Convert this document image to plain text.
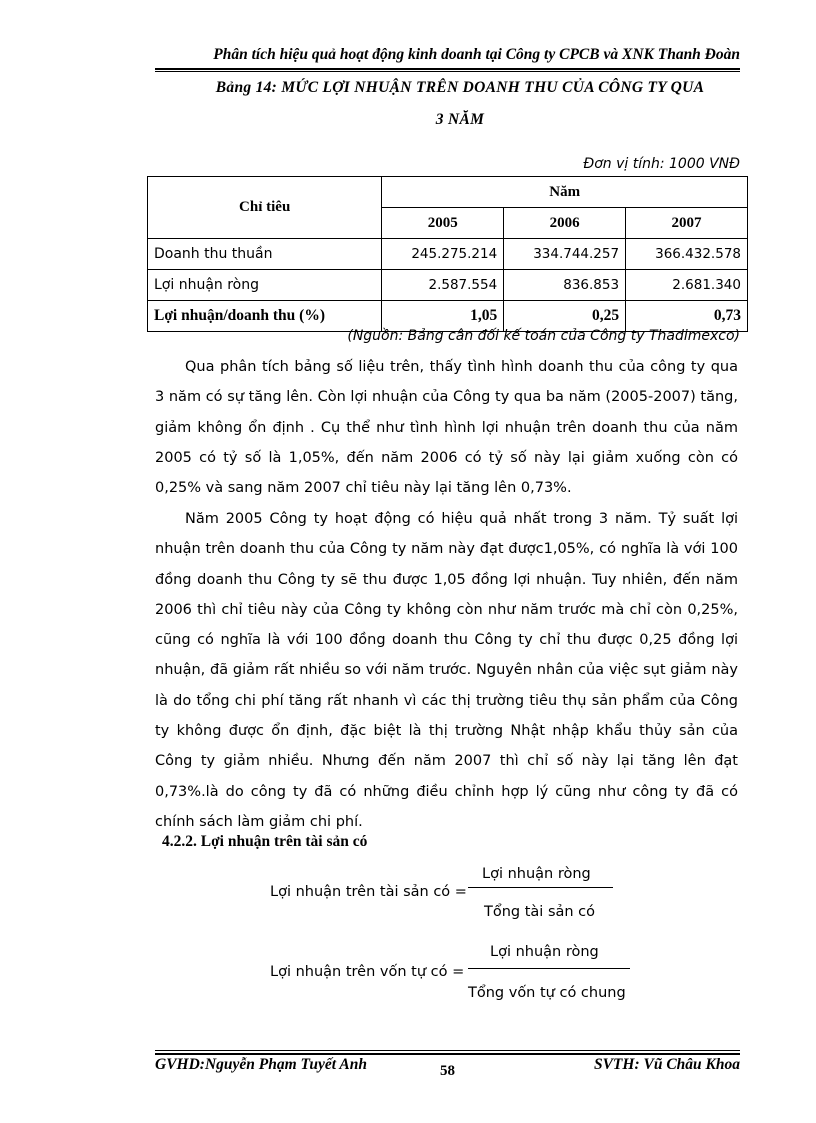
Phân tích hiệu quả hoạt động kinh doanh tại Công ty CPCB và XNK Thanh Đoàn
Bảng 14: MỨC LỢI NHUẬN TRÊN DOANH THU CỦA CÔNG TY QUA
3 NĂM
Đơn vị tính: 1000 VNĐ
Chỉ tiêu	Năm		
	2005	2006	2007
Doanh thu thuần	245.275.214	334.744.257	366.432.578
Lợi nhuận ròng	2.587.554	836.853	2.681.340
Lợi nhuận/doanh thu (%)	1,05	0,25	0,73
(Nguồn: Bảng cân đối kế toán của Công ty Thadimexco)

Qua phân tích bảng số liệu trên, thấy tình hình doanh thu của công ty qua 3 năm có sự tăng lên. Còn lợi nhuận của Công ty qua ba năm (2005-2007) tăng, giảm không ổn định . Cụ thể như tình hình lợi nhuận trên doanh thu của năm 2005 có tỷ số là 1,05%, đến năm 2006 có tỷ số này lại giảm xuống còn có 0,25% và sang năm 2007 chỉ tiêu này lại tăng lên 0,73%.

Năm 2005 Công ty hoạt động có hiệu quả nhất trong 3 năm. Tỷ suất lợi nhuận trên doanh thu của Công ty năm này đạt được1,05%, có nghĩa là với 100 đồng doanh thu Công ty sẽ thu được 1,05 đồng lợi nhuận. Tuy nhiên, đến năm 2006 thì chỉ tiêu này của Công ty không còn như năm trước mà chỉ còn 0,25%, cũng có nghĩa là với 100 đồng doanh thu Công ty chỉ thu được 0,25 đồng lợi nhuận, đã giảm rất nhiều so với năm trước. Nguyên nhân của việc sụt giảm này là do tổng chi phí tăng rất nhanh vì các thị trường tiêu thụ sản phẩm của Công ty không được ổn định, đặc biệt là thị trường Nhật nhập khẩu thủy sản của Công ty giảm nhiều. Nhưng đến năm 2007 thì chỉ số này lại tăng lên đạt 0,73%.là do công ty đã có những điều chỉnh hợp lý cũng như công ty đã có chính sách làm giảm chi phí.

4.2.2. Lợi nhuận trên tài sản có
Lợi nhuận trên tài sản có =
Lợi nhuận ròng
Tổng tài sản có
Lợi nhuận trên vốn tự có =
Lợi nhuận ròng
Tổng vốn tự có chung
GVHD:Nguyễn Phạm Tuyết Anh	58	SVTH: Vũ Châu Khoa
